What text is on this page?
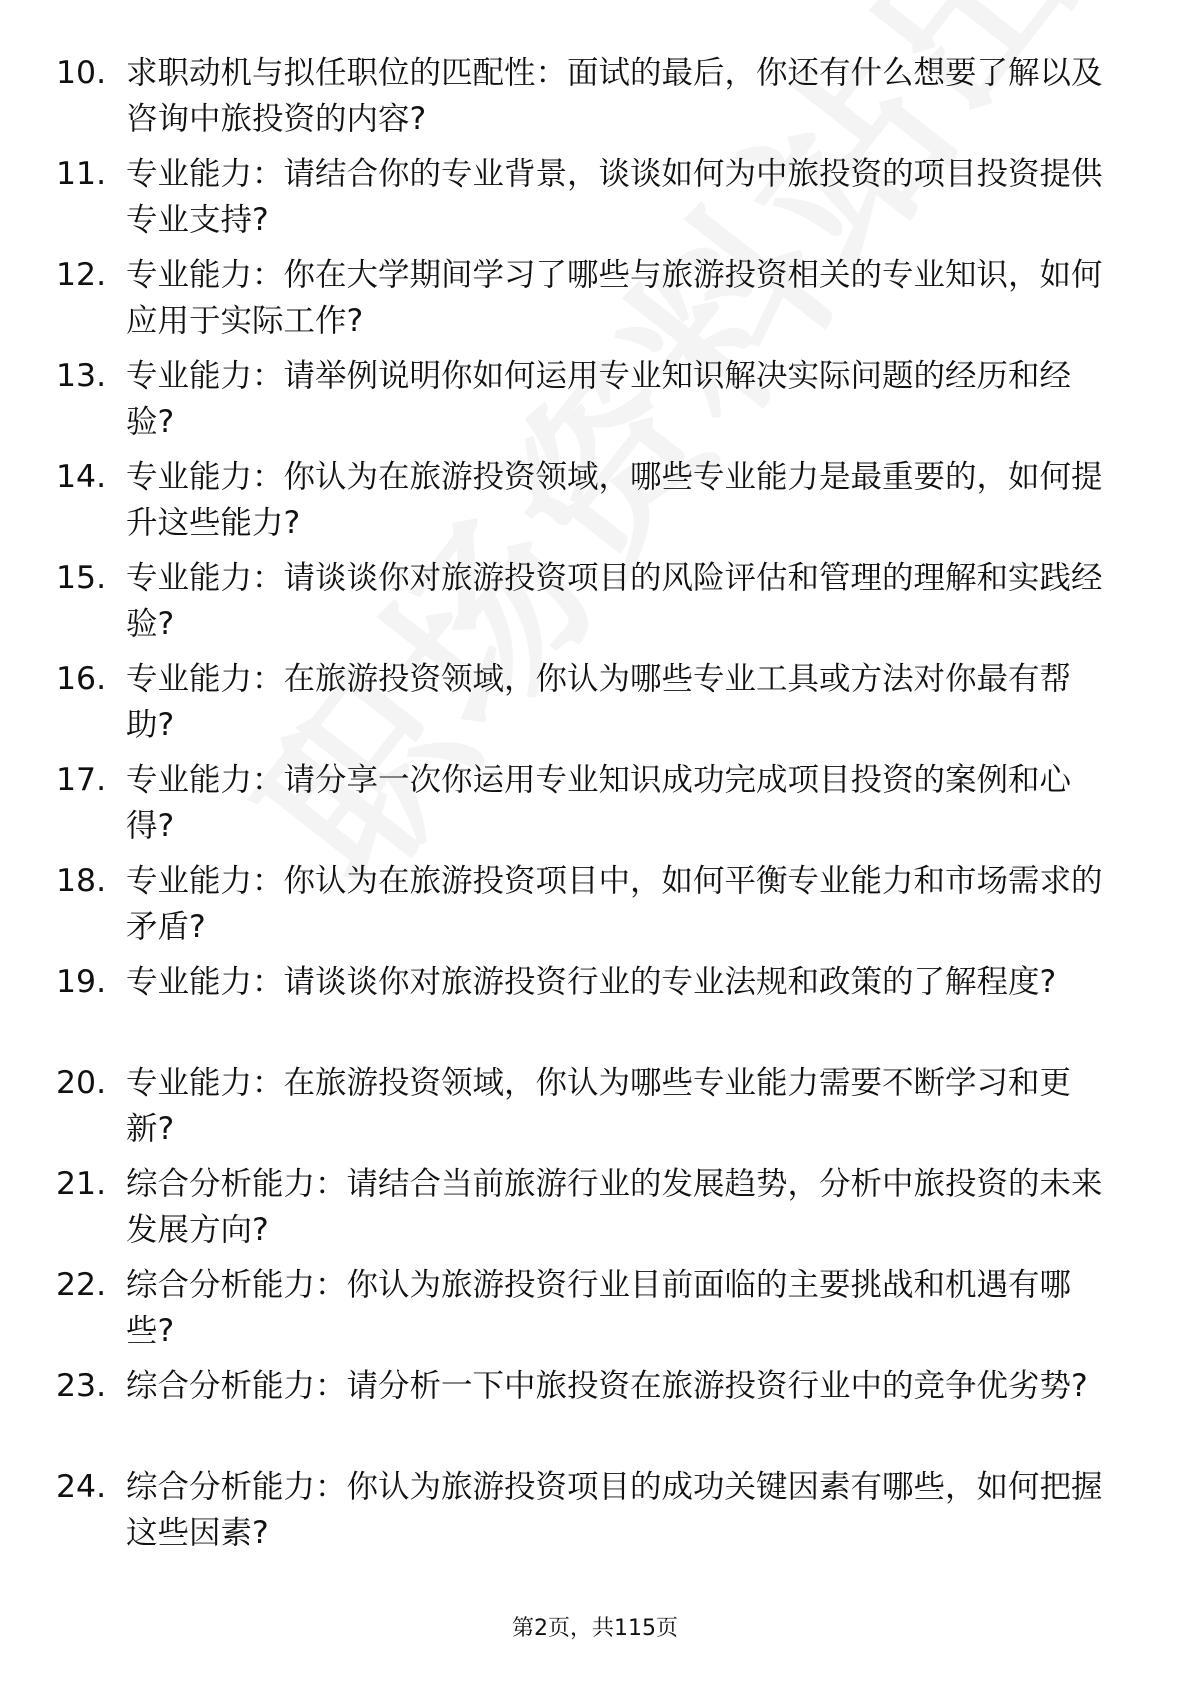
10. 求职动机与拟任职位的匹配性：面试的最后，你还有什么想要了解以及咨询中旅投资的内容?
11. 专业能力：请结合你的专业背景，谈谈如何为中旅投资的项目投资提供专业支持?
12. 专业能力：你在大学期间学习了哪些与旅游投资相关的专业知识，如何应用于实际工作?
13. 专业能力：请举例说明你如何运用专业知识解决实际问题的经历和经验?
14. 专业能力：你认为在旅游投资领域，哪些专业能力是最重要的，如何提升这些能力?
15. 专业能力：请谈谈你对旅游投资项目的风险评估和管理的理解和实践经验?
16. 专业能力：在旅游投资领域，你认为哪些专业工具或方法对你最有帮助?
17. 专业能力：请分享一次你运用专业知识成功完成项目投资的案例和心得?
18. 专业能力：你认为在旅游投资项目中，如何平衡专业能力和市场需求的矛盾?
19. 专业能力：请谈谈你对旅游投资行业的专业法规和政策的了解程度?
20. 专业能力：在旅游投资领域，你认为哪些专业能力需要不断学习和更新?
21. 综合分析能力：请结合当前旅游行业的发展趋势，分析中旅投资的未来发展方向?
22. 综合分析能力：你认为旅游投资行业目前面临的主要挑战和机遇有哪些?
23. 综合分析能力：请分析一下中旅投资在旅游投资行业中的竞争优劣势?
24. 综合分析能力：你认为旅游投资项目的成功关键因素有哪些，如何把握这些因素?
第2页，共115页
